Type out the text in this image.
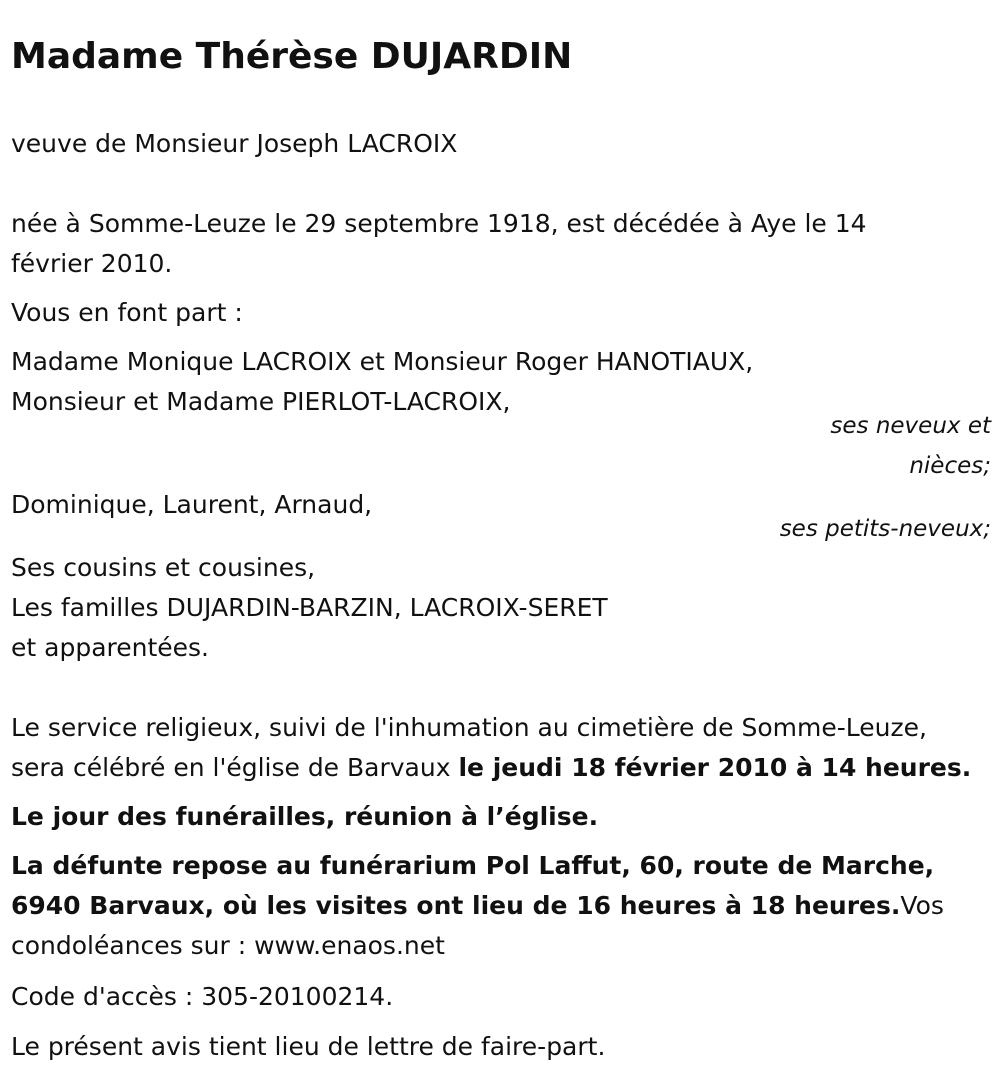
Madame Thérèse DUJARDIN
veuve de Monsieur Joseph LACROIX
née à Somme-Leuze le 29 septembre 1918, est décédée à Aye le 14
février 2010.
Vous en font part :
Madame Monique LACROIX et Monsieur Roger HANOTIAUX,
Monsieur et Madame PIERLOT-LACROIX,
ses neveux et
nièces;
Dominique, Laurent, Arnaud,
ses petits-neveux;
Ses cousins et cousines,
Les familles DUJARDIN-BARZIN, LACROIX-SERET
et apparentées.
Le service religieux, suivi de l'inhumation au cimetière de Somme-Leuze,
sera célébré en l'église de Barvaux le jeudi 18 février 2010 à 14 heures.
Le jour des funérailles, réunion à l’église.
La défunte repose au funérarium Pol Laffut, 60, route de Marche,
6940 Barvaux, où les visites ont lieu de 16 heures à 18 heures.Vos
condoléances sur : www.enaos.net
Code d'accès : 305-20100214.
Le présent avis tient lieu de lettre de faire-part.
